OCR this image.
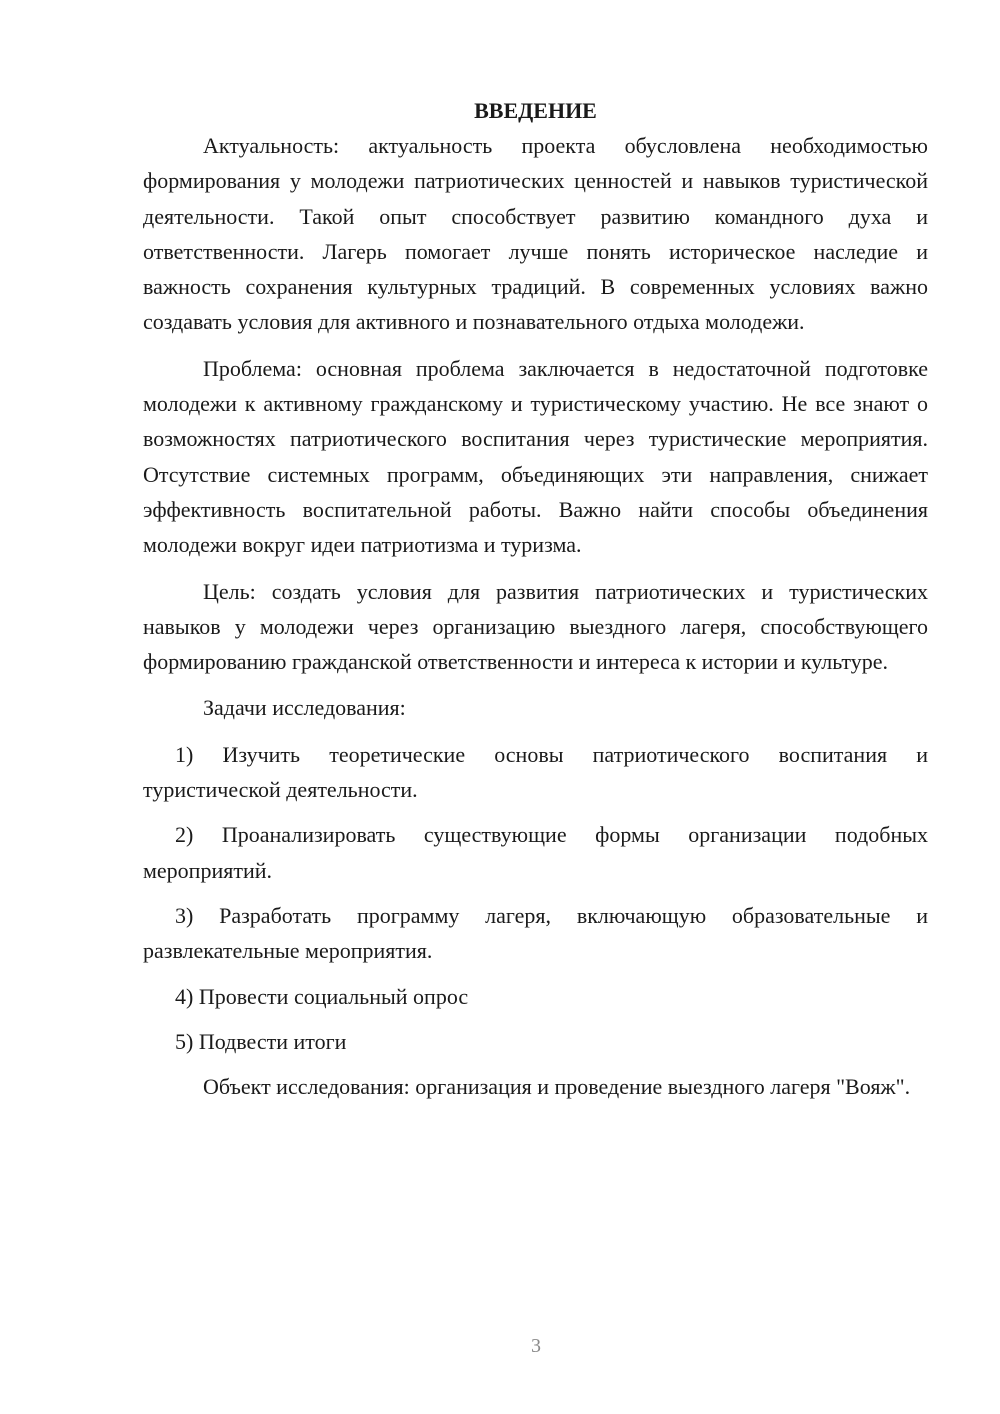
ВВЕДЕНИЕ

Актуальность: актуальность проекта обусловлена необходимостью формирования у молодежи патриотических ценностей и навыков туристической деятельности. Такой опыт способствует развитию командного духа и ответственности. Лагерь помогает лучше понять историческое наследие и важность сохранения культурных традиций. В современных условиях важно создавать условия для активного и познавательного отдыха молодежи.

Проблема: основная проблема заключается в недостаточной подготовке молодежи к активному гражданскому и туристическому участию. Не все знают о возможностях патриотического воспитания через туристические мероприятия. Отсутствие системных программ, объединяющих эти направления, снижает эффективность воспитательной работы. Важно найти способы объединения молодежи вокруг идеи патриотизма и туризма.

Цель: создать условия для развития патриотических и туристических навыков у молодежи через организацию выездного лагеря, способствующего формированию гражданской ответственности и интереса к истории и культуре.

Задачи исследования:

1) Изучить теоретические основы патриотического воспитания и туристической деятельности.

2) Проанализировать существующие формы организации подобных мероприятий.

3) Разработать программу лагеря, включающую образовательные и развлекательные мероприятия.

4) Провести социальный опрос

5) Подвести итоги

Объект исследования: организация и проведение выездного лагеря "Вояж".

3
